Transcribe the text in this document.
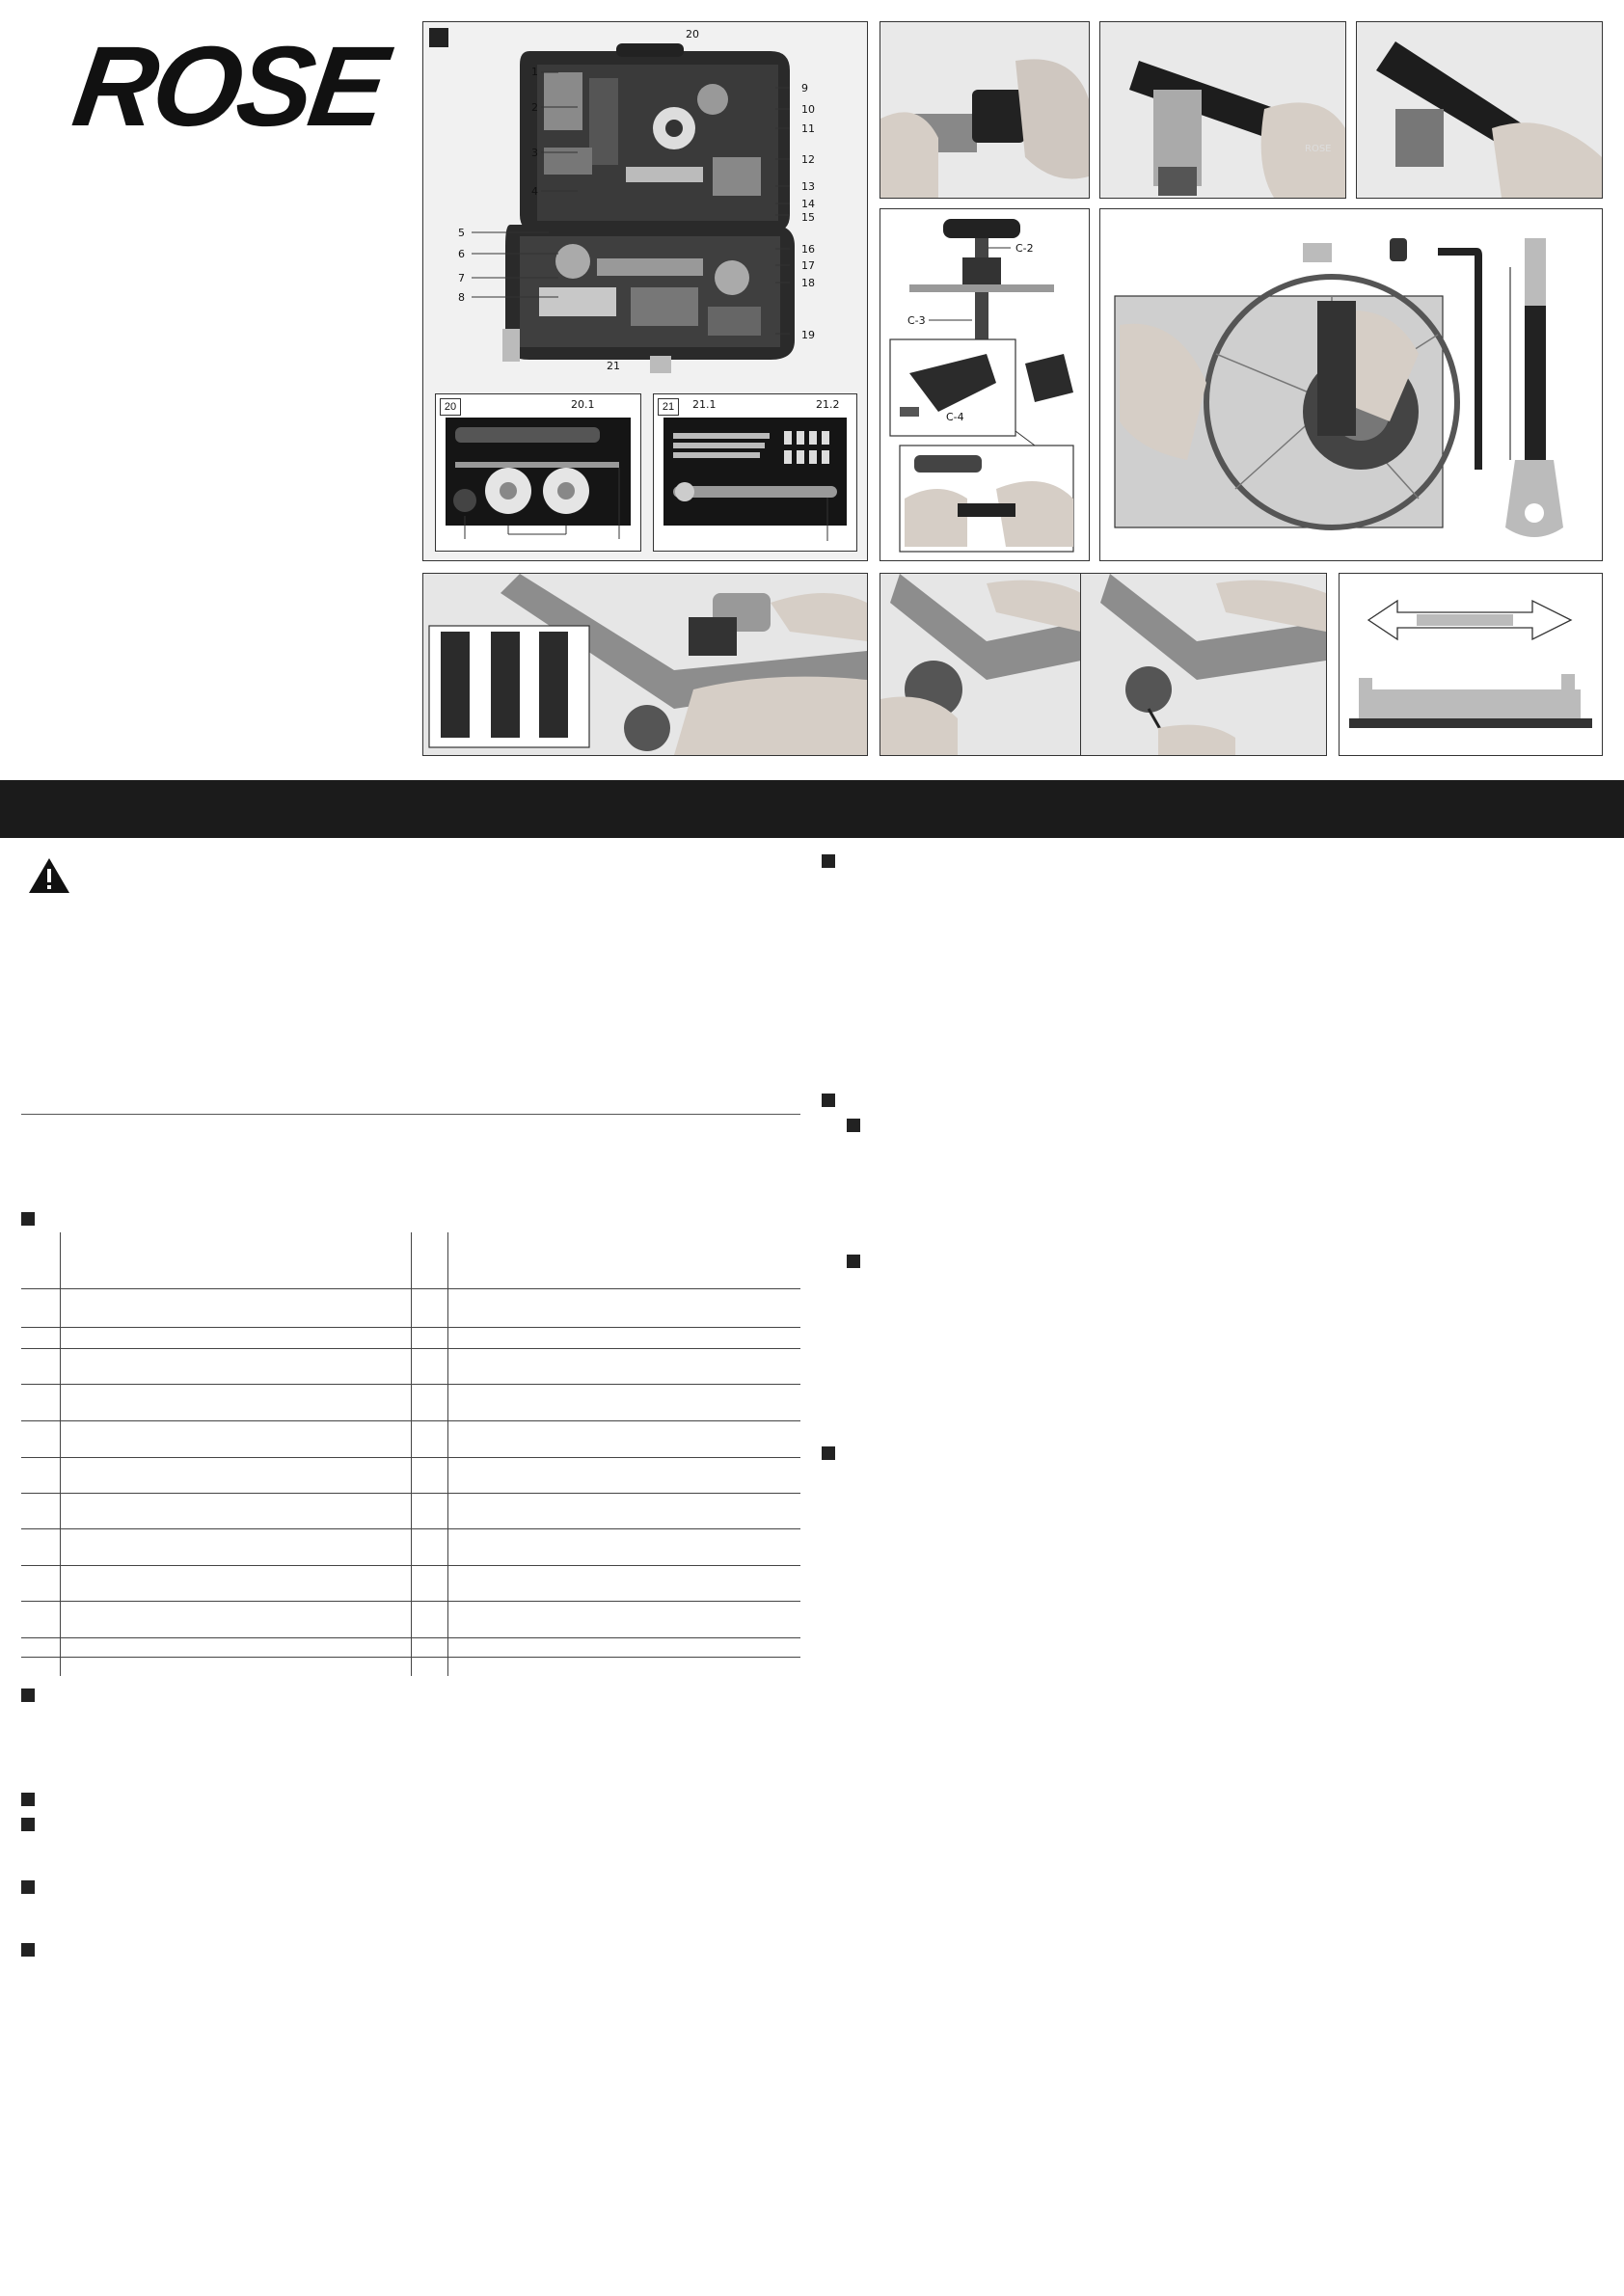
ROSE	1
2
3
4
5
6
7
8
9
10
11
12
13
14
15
16
17
18
19
20
21
20	20.1	21	21.1	21.2
ROSE
C-2
C-3
C-4
